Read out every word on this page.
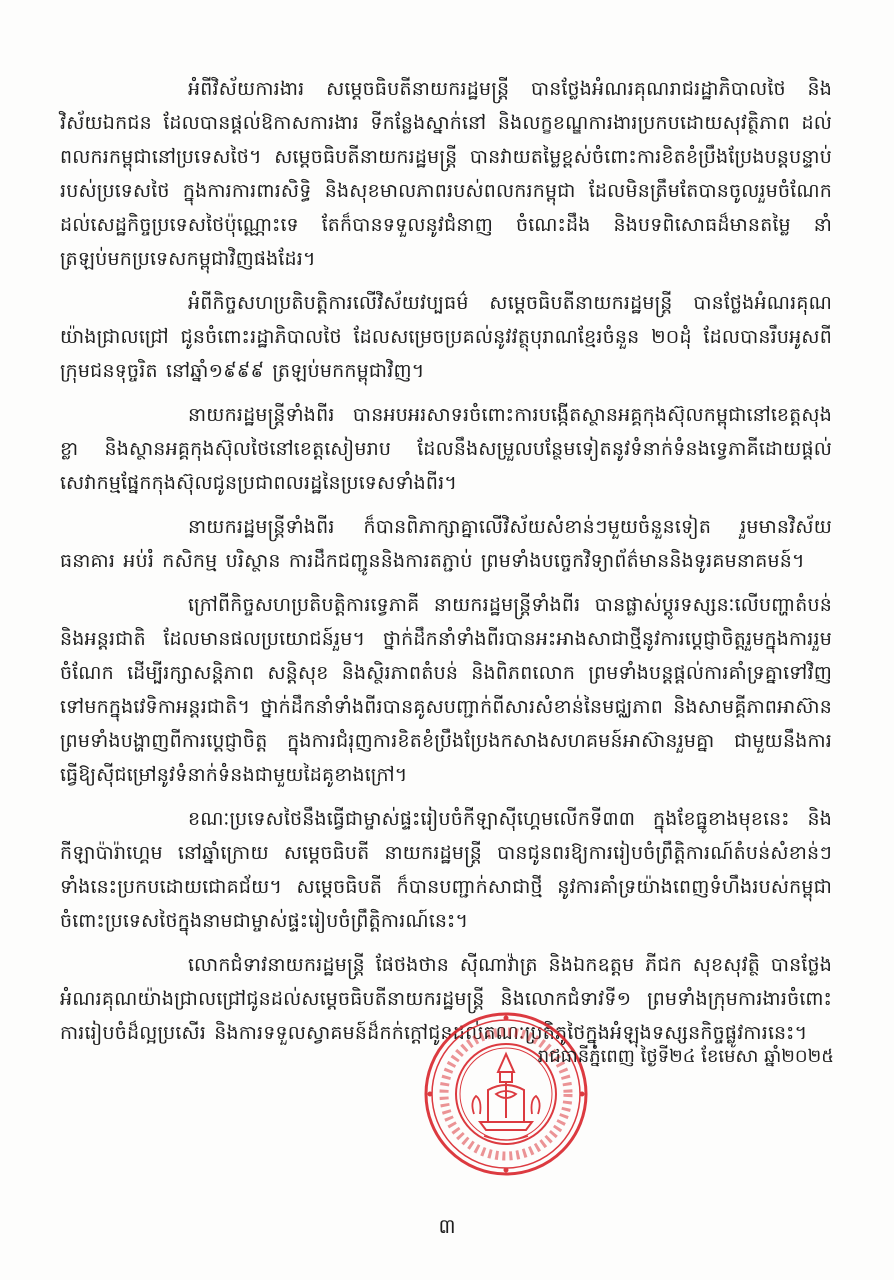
អំពីវិស័យការងារ សម្តេចធិបតីនាយករដ្ឋមន្ត្រី បានថ្លែងអំណរគុណរាជរដ្ឋាភិបាលថៃ និងវិស័យឯកជន ដែលបានផ្តល់ឱកាសការងារ ទីកន្លែងស្នាក់នៅ និងលក្ខខណ្ឌការងារប្រកបដោយសុវត្ថិភាព ដល់ពលករកម្ពុជានៅប្រទេសថៃ។ សម្តេចធិបតីនាយករដ្ឋមន្ត្រី បានវាយតម្លៃខ្ពស់ចំពោះការខិតខំប្រឹងប្រែងបន្តបន្ទាប់របស់ប្រទេសថៃ ក្នុងការការពារសិទ្ធិ និងសុខមាលភាពរបស់ពលករកម្ពុជា ដែលមិនត្រឹមតែបានចូលរួមចំណែកដល់សេដ្ឋកិច្ចប្រទេសថៃប៉ុណ្ណោះទេ តែក៏បានទទួលនូវជំនាញ ចំណេះដឹង និងបទពិសោធដ៏មានតម្លៃ នាំត្រឡប់មកប្រទេសកម្ពុជាវិញផងដែរ។

អំពីកិច្ចសហប្រតិបត្តិការលើវិស័យវប្បធម៌ សម្តេចធិបតីនាយករដ្ឋមន្ត្រី បានថ្លែងអំណរគុណយ៉ាងជ្រាលជ្រៅ ជូនចំពោះរដ្ឋាភិបាលថៃ ដែលសម្រេចប្រគល់នូវវត្ថុបុរាណខ្មែរចំនួន ២០ដុំ ដែលបានរឹបអូសពីក្រុមជនទុច្ចរិត នៅឆ្នាំ១៩៩៩ ត្រឡប់មកកម្ពុជាវិញ។

នាយករដ្ឋមន្ត្រីទាំងពីរ បានអបអរសាទរចំពោះការបង្កើតស្ថានអគ្គកុងស៊ុលកម្ពុជានៅខេត្តសុងខ្លា និងស្ថានអគ្គកុងស៊ុលថៃនៅខេត្តសៀមរាប ដែលនឹងសម្រួលបន្ថែមទៀតនូវទំនាក់ទំនងទ្វេភាគីដោយផ្តល់សេវាកម្មផ្នែកកុងស៊ុលជូនប្រជាពលរដ្ឋនៃប្រទេសទាំងពីរ។

នាយករដ្ឋមន្ត្រីទាំងពីរ ក៏បានពិភាក្សាគ្នាលើវិស័យសំខាន់ៗមួយចំនួនទៀត រួមមានវិស័យធនាគារ អប់រំ កសិកម្ម បរិស្ថាន ការដឹកជញ្ជូននិងការតភ្ជាប់ ព្រមទាំងបច្ចេកវិទ្យាព័ត៌មាននិងទូរគមនាគមន៍។

ក្រៅពីកិច្ចសហប្រតិបត្តិការទ្វេភាគី នាយករដ្ឋមន្ត្រីទាំងពីរ បានផ្លាស់ប្តូរទស្សនៈលើបញ្ហាតំបន់ និងអន្តរជាតិ ដែលមានផលប្រយោជន៍រួម។ ថ្នាក់ដឹកនាំទាំងពីរបានអះអាងសាជាថ្មីនូវការប្តេជ្ញាចិត្តរួមក្នុងការរួមចំណែក ដើម្បីរក្សាសន្តិភាព សន្តិសុខ និងស្ថិរភាពតំបន់ និងពិភពលោក ព្រមទាំងបន្តផ្តល់ការគាំទ្រគ្នាទៅវិញទៅមកក្នុងវេទិកាអន្តរជាតិ។ ថ្នាក់ដឹកនាំទាំងពីរបានគូសបញ្ជាក់ពីសារសំខាន់នៃមជ្ឈភាព និងសាមគ្គីភាពអាស៊ាន ព្រមទាំងបង្ហាញពីការប្តេជ្ញាចិត្ត ក្នុងការជំរុញការខិតខំប្រឹងប្រែងកសាងសហគមន៍អាស៊ានរួមគ្នា ជាមួយនឹងការធ្វើឱ្យស៊ីជម្រៅនូវទំនាក់ទំនងជាមួយដៃគូខាងក្រៅ។

ខណៈប្រទេសថៃនឹងធ្វើជាម្ចាស់ផ្ទះរៀបចំកីឡាស៊ីហ្គេមលើកទី៣៣ ក្នុងខែធ្នូខាងមុខនេះ និងកីឡាប៉ារ៉ាហ្គេម នៅឆ្នាំក្រោយ សម្តេចធិបតី នាយករដ្ឋមន្ត្រី បានជូនពរឱ្យការរៀបចំព្រឹត្តិការណ៍តំបន់សំខាន់ៗទាំងនេះប្រកបដោយជោគជ័យ។ សម្តេចធិបតី ក៏បានបញ្ជាក់សាជាថ្មី នូវការគាំទ្រយ៉ាងពេញទំហឹងរបស់កម្ពុជាចំពោះប្រទេសថៃក្នុងនាមជាម្ចាស់ផ្ទះរៀបចំព្រឹត្តិការណ៍នេះ។

លោកជំទាវនាយករដ្ឋមន្ត្រី ផែថងថាន ស៊ីណាវ៉ាត្រ និងឯកឧត្តម ភីជក សុខសុវត្ថិ បានថ្លែងអំណរគុណយ៉ាងជ្រាលជ្រៅជូនដល់សម្តេចធិបតីនាយករដ្ឋមន្ត្រី និងលោកជំទាវទី១ ព្រមទាំងក្រុមការងារចំពោះការរៀបចំដ៏ល្អប្រសើរ និងការទទួលស្វាគមន៍ដ៏កក់ក្តៅជូនដល់គណៈប្រតិភូថៃក្នុងអំឡុងទស្សនកិច្ចផ្លូវការនេះ។

រាជធានីភ្នំពេញ ថ្ងៃទី២៤ ខែមេសា ឆ្នាំ២០២៥
៣
